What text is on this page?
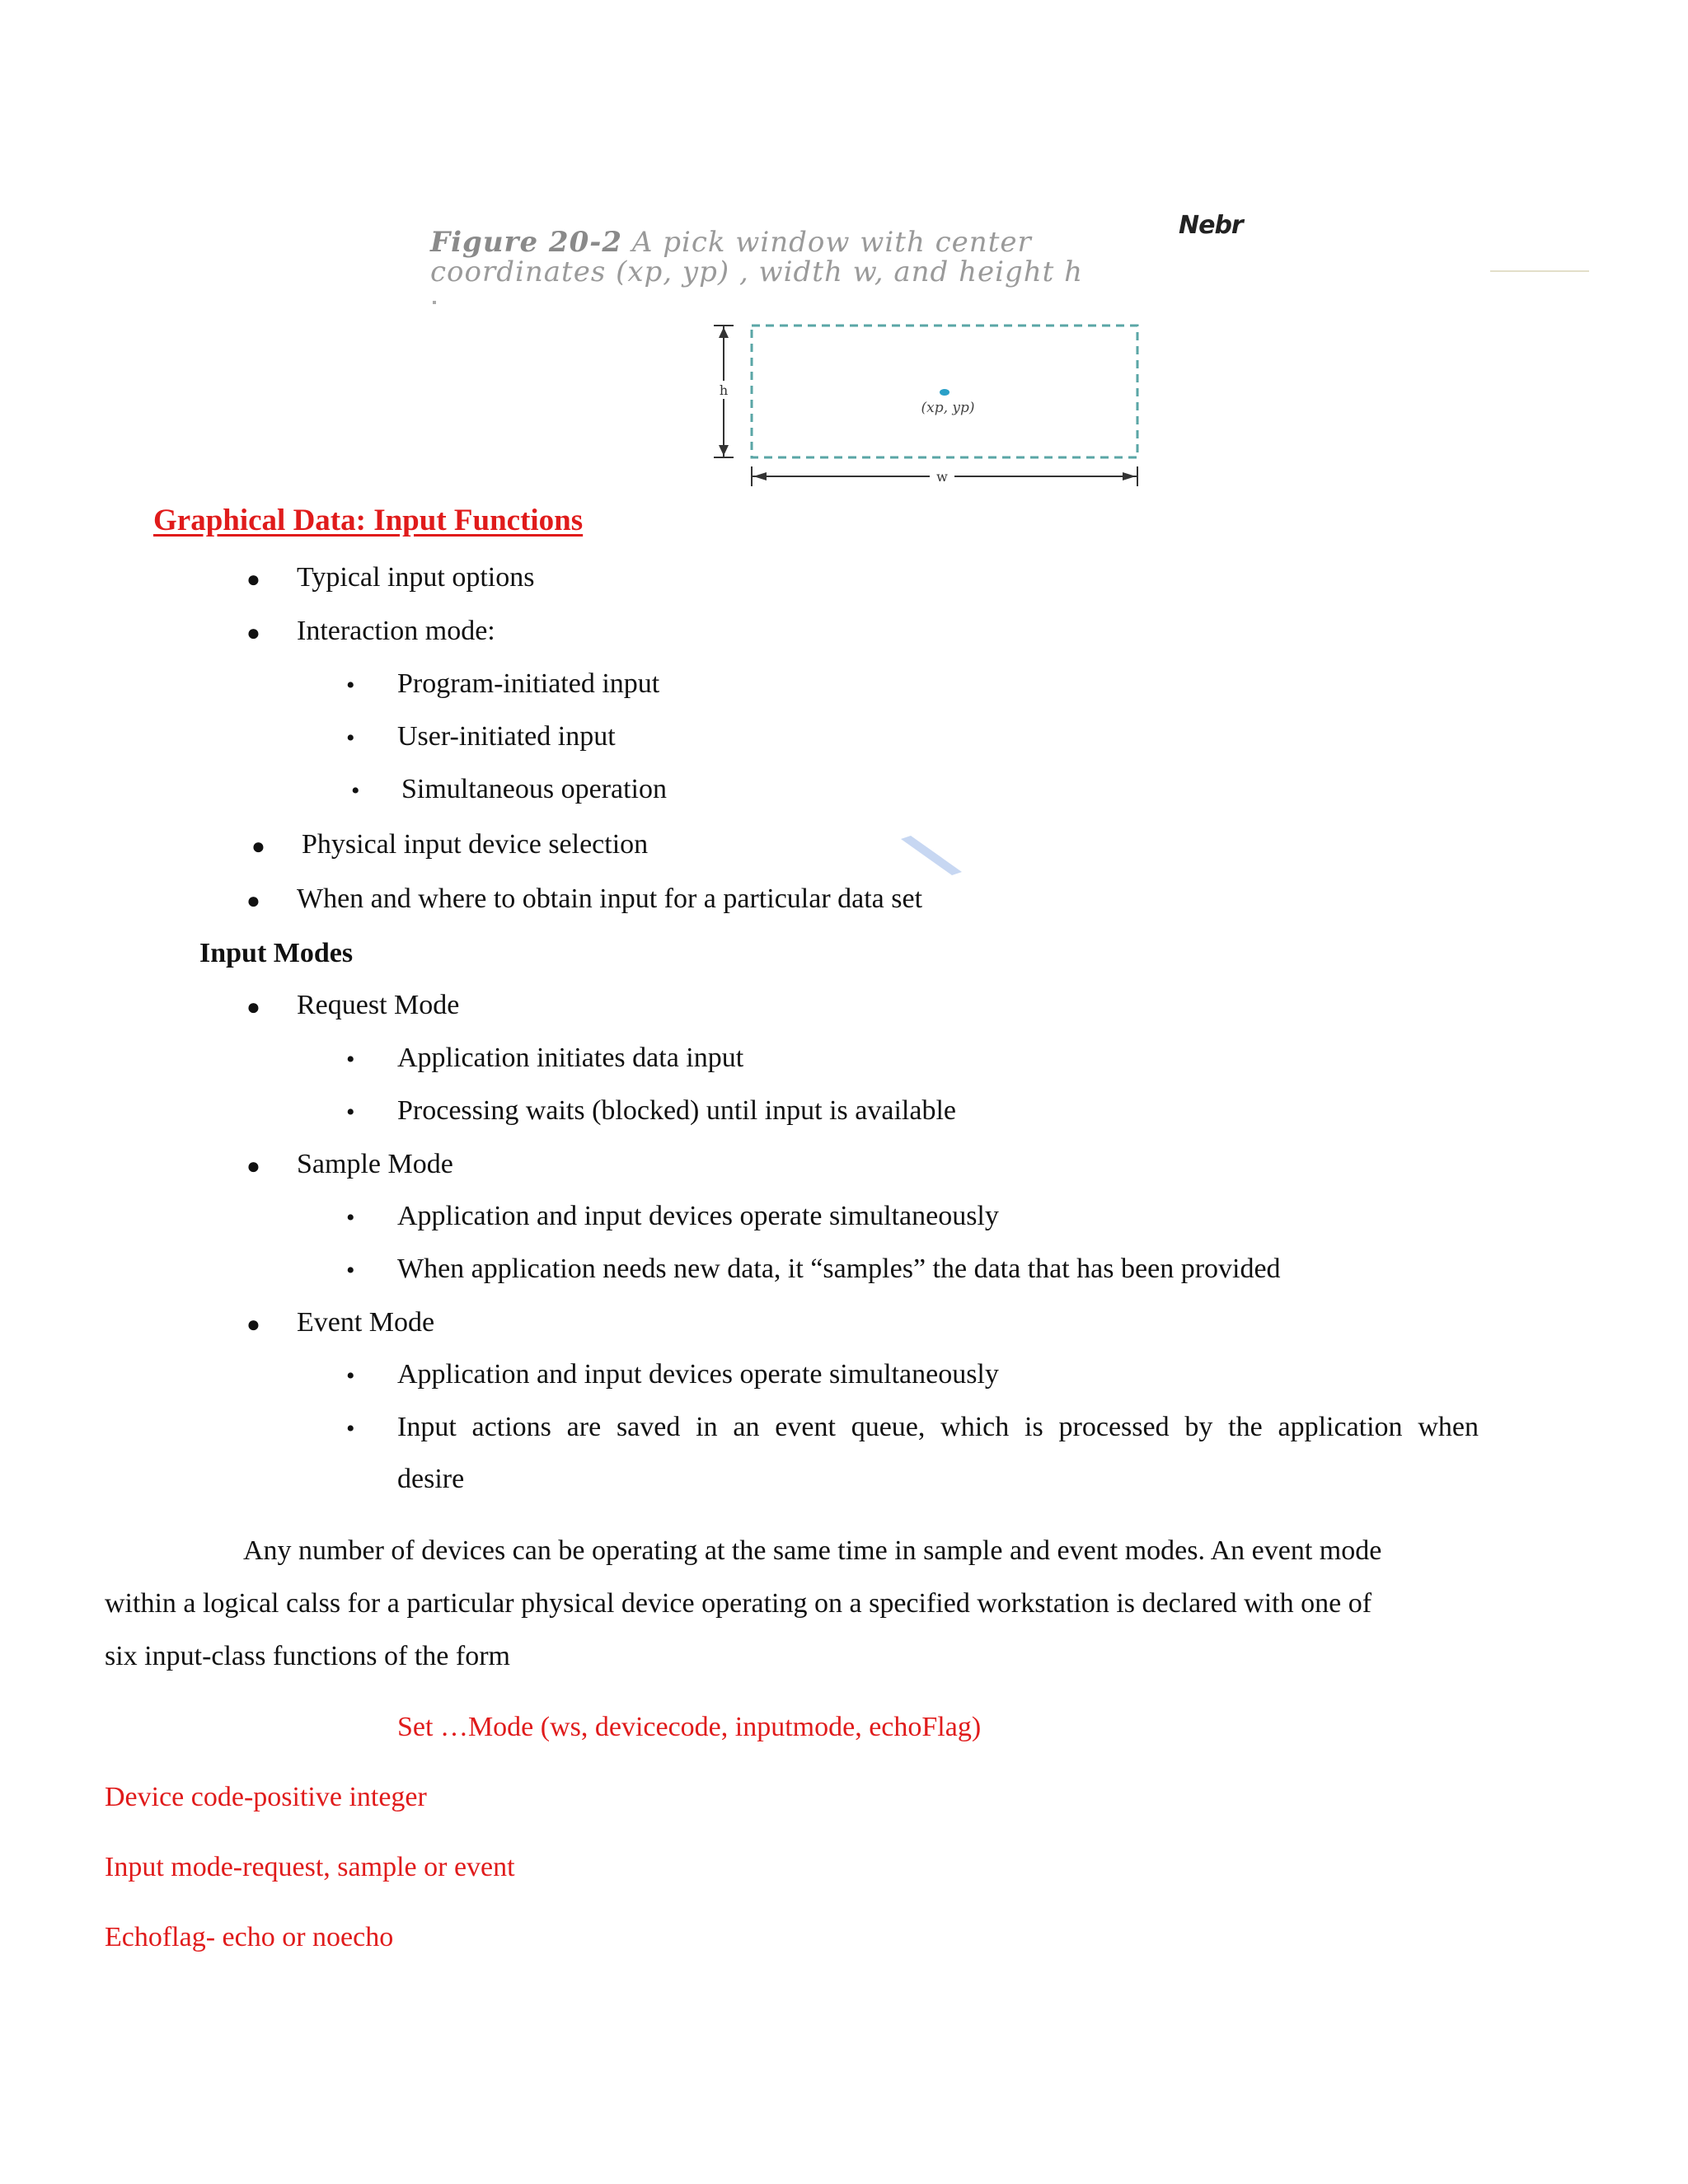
Figure 20-2 A pick window with center
coordinates (xp, yp) , width w, and height h
Nebr
h
w
(xp, yp)
Graphical Data: Input Functions
● Typical input options
● Interaction mode:
• Program-initiated input
• User-initiated input
• Simultaneous operation
● Physical input device selection
● When and where to obtain input for a particular data set
Input Modes
● Request Mode
• Application initiates data input
• Processing waits (blocked) until input is available
● Sample Mode
• Application and input devices operate simultaneously
• When application needs new data, it “samples” the data that has been provided
● Event Mode
• Application and input devices operate simultaneously
• Input actions are saved in an event queue, which is processed by the application when
desire
Any number of devices can be operating at the same time in sample and event modes. An event mode
within a logical calss for a particular physical device operating on a specified workstation is declared with one of
six input-class functions of the form
Set …Mode (ws, devicecode, inputmode, echoFlag)
Device code-positive integer
Input mode-request, sample or event
Echoflag- echo or noecho
